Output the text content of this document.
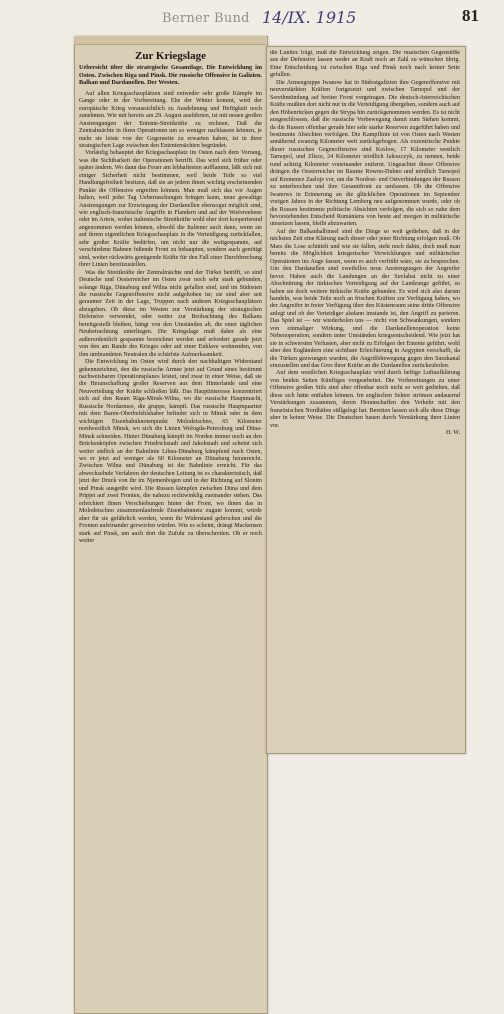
Berner Bund 14/IX. 1915	81
Zur Kriegslage
Uebersicht über die strategische Gesamtlage. Die Entwicklung im Osten. Zwischen Riga und Pinsk. Die russische Offensive in Galizien. Balkan und Dardanellen. Der Westen.

Auf allen Kriegsschauplätzen sind entweder sehr große Kämpfe im Gange oder in der Vorbereitung. Ehe der Winter kommt, wird der europäische Krieg voraussichtlich zu Ausdehnung und Heftigkeit noch zunehmen. Wie mit bereits am 29. August ausführten, ist mit neuen großen Anstrengungen der Entente-Streitkräfte zu rechnen. Daß die Zentralmächte in ihren Operationen um so weniger nachlassen können, je mehr sie leiste von der Gegenseite zu erwarten haben, ist in ihrer strategischen Lage zwischen den Ententemächten begründet.

Vorläufig behauptet der Kriegsschauplatz im Osten nach dem Vorrang, was die Sichtbarkeit der Operationen betrifft. Das wird sich früher oder später ändern. Wo dann das Feuer am lebhaftesten aufflammt, läßt sich mit einiger Sicherheit nicht bestimmen, weil beide Teile so viel Handlungsfreiheit besitzen, daß sie an jedem ihnen wichtig erscheinenden Punkte die Offensive ergreifen können. Man muß sich das vor Augen halten, weil jeder Tag Ueberraschungen bringen kann, neue gewaltige Anstrengungen zur Erzwingung der Dardanellen ebensogut möglich sind, wie englisch-französische Angriffe in Flandern und auf der Woëvreebene oder im Artois, wobei italienische Streitkräfte wohl eher dort kooperierend angenommen werden können, obwohl die Italiener auch dann, wenn sie auf ihrem eigentlichen Kriegsschauplatz in die Verteidigung zurückfallen, sehr großer Kräfte bedürfen, um nicht nur die weitgespannte, auf verschiedene Bahnen fußende Front zu behaupten, sondern auch genötigt sind, weiter rückwärts genügende Kräfte für den Fall einer Durchbrechung ihrer Linien bereitzustellen.

Was die Streitkräfte der Zentralmächte und der Türkei betrifft, so sind Deutsche und Oesterreicher im Osten zwar noch sehr stark gebunden, solange Riga, Dünaburg und Wilna nicht gefallen sind, und im Südosten die russische Gegenoffensive nicht aufgehoben ist; sie sind aber seit geraumer Zeit in der Lage, Truppen nach anderen Kriegsschauplätzen abzugeben. Ob diese im Westen zur Verstärkung der strategischen Defensive verwendet, oder weiter zur Beobachtung des Balkans bereitgestellt bleiben, hängt von den Umständen ab, die einer täglichen Neubetrachtung unterliegen. Die Kriegslage muß daher als eine außerordentlich gespannte bezeichnet werden und erfordert gerade jetzt von den am Rande des Krieges oder auf einer Enklave wohnenden, von ihm umbrandeten Neutralen die schärfste Aufmerksamkeit.

Die Entwicklung im Osten wird durch den nachhaltigen Widerstand gekennzeichnet, den die russische Armee jetzt auf Grund eines bestimmt nachweisbaren Operationsplanes leistet, und zwar in einer Weise, daß sie die Heranschaffung großer Reserven aus dem Hinterlande und eine Neuverteilung der Kräfte schließen läßt. Das Hauptinteresse konzentriert sich auf den Raum Riga-Minsk-Wilna, wo die russische Hauptmacht, Russische Nordarmee, die gruppe, kämpft. Das russische Hauptquartier mit dem Baren-Oberbefehlshaber befindet sich in Minsk oder in dem wichtigen Eisenbahnknotenpunkt Molodetschno, 65 Kilometer nordwestlich Minsk, wo sich die Linien Wologda-Petersburg und Düna-Minsk schneiden. Hinter Dünaburg kämpft im Norden immer noch an den Brückenköpfen zwischen Friedrichstadt und Jakobstadt und scheint sich weiter südlich an der Bahnlinie Libau-Dünaburg kämpfend nach Osten, wo er jetzt auf weniger als 60 Kilometer an Dünaburg heranreicht. Zwischen Wilna und Dünaburg ist die Bahnlinie erreicht. Für das abwechselnde Verfahren der deutschen Leitung ist es charakteristisch, daß jetzt der Druck von ihr im Njemenbogen und in der Richtung auf Slonim und Pinsk ausgeübt wird. Die Russen kämpfen zwischen Düna und dem Pripjet auf zwei Fronten, die nahezu rechtwinklig zueinander stehen. Das erleichtert ihnen Verschiebungen hinter der Front, wo ihnen das in Molodetschno zusammenlaufende Eisenbahnnetz zugute kommt, würde aber für sie gefährlich werden, wenn ihr Widerstand gebrochen und die Fronten aufeinander gerworfen würden. Wie es scheint, drängt Mackensen stark auf Pinsk, um auch dort die Zufuhr zu überschreiten. Ob er noch weiter

die Lunitec folgt, muß die Entwicklung zeigen. Die russischen Gegenstöße aus der Defensive lassen weder an Kraft noch an Zahl zu wünschen übrig. Eine Entscheidung ist zwischen Riga und Pinsk noch nach keiner Seite gefallen.

Die Armeegruppe Iwanow hat in Südostgalizien ihre Gegenoffensive mit neuverstärkten Kräften fortgesetzt und zwischen Tarnopol und der Serethmündung auf breiter Front vorgetragen. Die deutsch-österreichischen Kräfte mußten dort nicht nur in die Verteidigung übergehen, sondern auch auf den Höhenrücken gegen die Strypa hin zurückgenommen werden. Es ist nicht ausgeschlossen, daß die russische Vorbewegung damit zum Stehen kommt, da die Russen offenbar gerade hier sehr starke Reserven zugeführt haben und bestimmte Absichten verfolgen. Die Kampflinie ist von Osten nach Westen annähernd zwanzig Kilometer weit zurückgebogen. Als exzentrische Punkte dieser russischen Gegenoffensive sind Koslow, 17 Kilometer westlich Tarnopol, und Zlisce, 24 Kilometer nördlich Jaleszczyk, zu nennen, beide rund achtzig Kilometer voneinander entfernt. Ungeachtet dieser Offensive drängen die Oesterreicher im Raume Rowno-Dubno und nördlich Tarnopol auf Kremenez Zasloje vor, um die Nordost- und Ostverbindungen der Russen zu unterbrechen und ihre Gesamtfront zu umfassen. Ob die Offensive Iwanows in Erinnerung an die glücklichen Operationen im September vorigen Jahres in der Richtung Lemberg neu aufgenommen wurde, oder ob die Russen bestimmte politische Absichten verfolgen, die sich so nahe dem bevorstehenden Entscheid Rumäniens von heute auf morgen in militärische umsetzen lassen, bleibt abzuwarten.

Auf der Balkanhalbinsel sind die Dinge so weit gediehen, daß in der nächsten Zeit eine Klärung nach dieser oder jener Richtung erfolgen muß. Ob Mars die Lose schüttelt und wie sie fallen, steht noch dahin, doch muß man bereits die Möglichkeit kriegerischer Verwicklungen und militärischer Operationen ins Auge fassen, wenn es auch verfrüht wäre, sie zu besprechen. Um den Dardanellen sind zweifellos neue Anstrengungen der Angreifer bevor. Haben auch die Landungen an der Suvlabai nicht zu einer Abschnürung der türkischen Verteidigung auf der Landzunge geführt, so haben sie doch weitere türkische Kräfte gebunden. Es wird sich also darum handeln, was beide Teile noch an frischen Kräften zur Verfügung haben, wo der Angreifer in freier Verfügung über den Küstenraum seine dritte Offensive anlegt und ob der Verteidiger alsdann imstande ist, den Angriff zu parieren. Das Spiel ist — wir wiederholen uns — nicht von Schwankungen, sondern von einmaliger Wirkung, und die Dardanellenoperation keine Nebenoperation, sondern unter Umständen kriegsentscheidend. Wie jetzt hat sie in schwersten Verlusten, aber nicht zu Erfolgen der Entente geführt, wohl aber den Engländern eine sichtbare Erleichterung in Aegypten verschafft, da die Türken gezwungen wurden, die Angriffsbewegung gegen den Suezkanal einzustellen und das Gros ihrer Kräfte an die Dardanellen zurückzuholen.

Auf dem westlichen Kriegsschauplatz wird durch heftige Luftaufklärung von beiden Seiten Künftiges vorgearbeitet. Die Vorbereitungen zu einer Offensive großen Stils sind aber offenbar noch nicht so weit gediehen, daß diese sich hätte entfalten können. Im englischen Sektor strömen andauernd Verstärkungen zusammen, deren Heranschaffen den Verkehr mit den französischen Nordhäfen stillgelegt hat. Bereiten lassen sich alle diese Dinge aber in keiner Weise. Die Deutschen bauen durch Verstärkung ihrer Linien vor.

H. W.
